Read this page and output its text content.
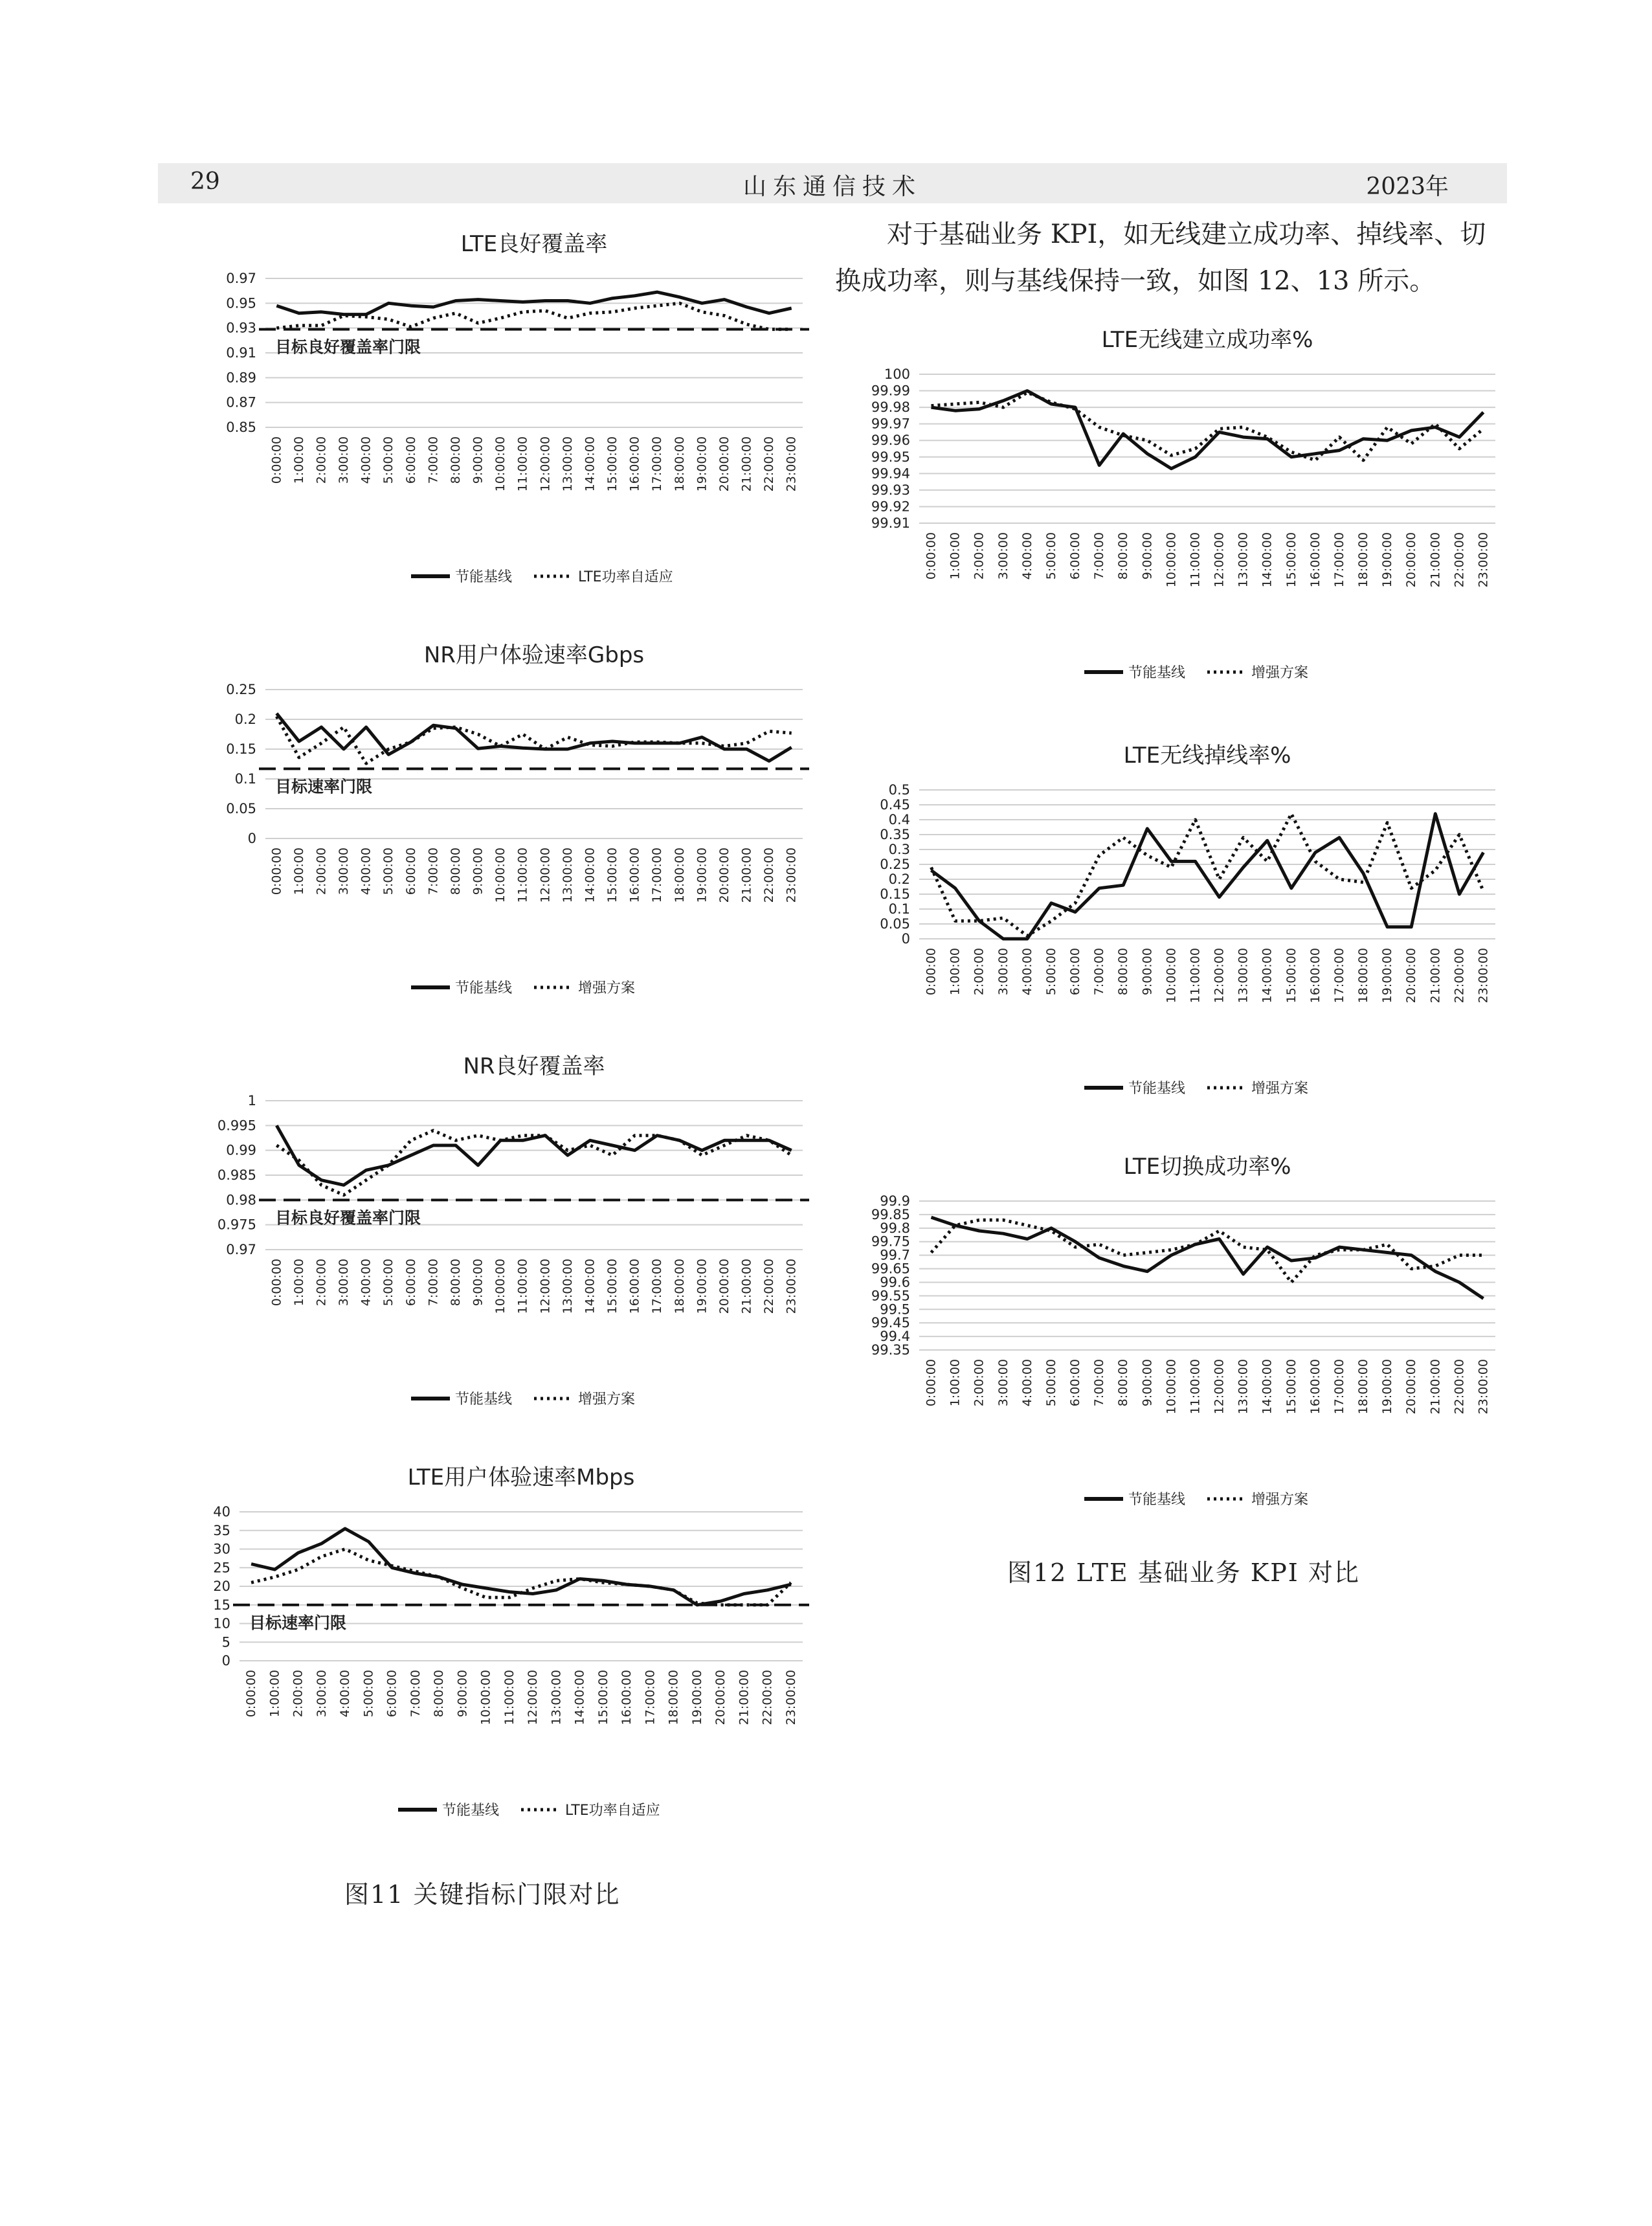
29	山东通信技术	2023年
对于基础业务 KPI，如无线建立成功率、掉线率、切换成功率，则与基线保持一致，如图 12、13 所示。
LTE良好覆盖率
0.97
0.95
0.93
0.91
0.89
0.87
0.85
0:00:00 1:00:00 2:00:00 3:00:00 4:00:00 5:00:00 6:00:00 7:00:00 8:00:00 9:00:00 10:00:00 11:00:00 12:00:00 13:00:00 14:00:00 15:00:00 16:00:00 17:00:00 18:00:00 19:00:00 20:00:00 21:00:00 22:00:00 23:00:00
目标良好覆盖率门限
节能基线	LTE功率自适应
NR用户体验速率Gbps
0.25
0.2
0.15
0.1
0.05
0
0:00:00 1:00:00 2:00:00 3:00:00 4:00:00 5:00:00 6:00:00 7:00:00 8:00:00 9:00:00 10:00:00 11:00:00 12:00:00 13:00:00 14:00:00 15:00:00 16:00:00 17:00:00 18:00:00 19:00:00 20:00:00 21:00:00 22:00:00 23:00:00
目标速率门限
节能基线	增强方案
NR良好覆盖率
1
0.995
0.99
0.985
0.98
0.975
0.97
0:00:00 1:00:00 2:00:00 3:00:00 4:00:00 5:00:00 6:00:00 7:00:00 8:00:00 9:00:00 10:00:00 11:00:00 12:00:00 13:00:00 14:00:00 15:00:00 16:00:00 17:00:00 18:00:00 19:00:00 20:00:00 21:00:00 22:00:00 23:00:00
目标良好覆盖率门限
节能基线	增强方案
LTE用户体验速率Mbps
40
35
30
25
20
15
10
5
0
0:00:00 1:00:00 2:00:00 3:00:00 4:00:00 5:00:00 6:00:00 7:00:00 8:00:00 9:00:00 10:00:00 11:00:00 12:00:00 13:00:00 14:00:00 15:00:00 16:00:00 17:00:00 18:00:00 19:00:00 20:00:00 21:00:00 22:00:00 23:00:00
目标速率门限
节能基线	LTE功率自适应
图11 关键指标门限对比
LTE无线建立成功率%
100
99.99
99.98
99.97
99.96
99.95
99.94
99.93
99.92
99.91
0:00:00 1:00:00 2:00:00 3:00:00 4:00:00 5:00:00 6:00:00 7:00:00 8:00:00 9:00:00 10:00:00 11:00:00 12:00:00 13:00:00 14:00:00 15:00:00 16:00:00 17:00:00 18:00:00 19:00:00 20:00:00 21:00:00 22:00:00 23:00:00
节能基线	增强方案
LTE无线掉线率%
0.5
0.45
0.4
0.35
0.3
0.25
0.2
0.15
0.1
0.05
0
0:00:00 1:00:00 2:00:00 3:00:00 4:00:00 5:00:00 6:00:00 7:00:00 8:00:00 9:00:00 10:00:00 11:00:00 12:00:00 13:00:00 14:00:00 15:00:00 16:00:00 17:00:00 18:00:00 19:00:00 20:00:00 21:00:00 22:00:00 23:00:00
节能基线	增强方案
LTE切换成功率%
99.9
99.85
99.8
99.75
99.7
99.65
99.6
99.55
99.5
99.45
99.4
99.35
0:00:00 1:00:00 2:00:00 3:00:00 4:00:00 5:00:00 6:00:00 7:00:00 8:00:00 9:00:00 10:00:00 11:00:00 12:00:00 13:00:00 14:00:00 15:00:00 16:00:00 17:00:00 18:00:00 19:00:00 20:00:00 21:00:00 22:00:00 23:00:00
节能基线	增强方案
图12 LTE 基础业务 KPI 对比
